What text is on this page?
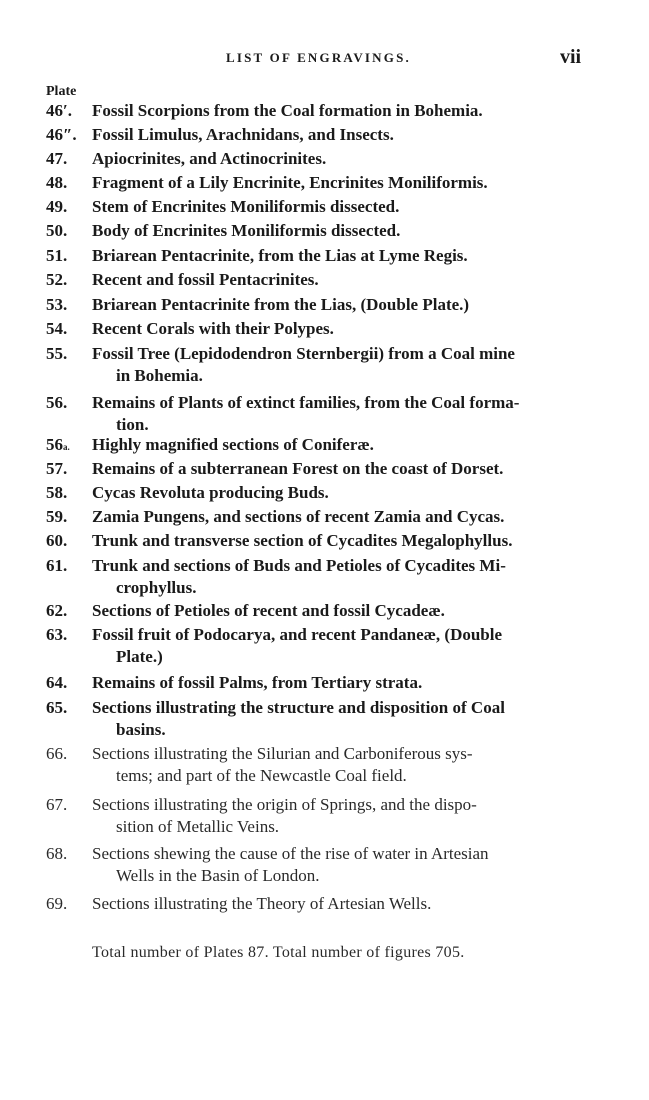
LIST OF ENGRAVINGS.	vii
Plate
46′. Fossil Scorpions from the Coal formation in Bohemia.
46″. Fossil Limulus, Arachnidans, and Insects.
47. Apiocrinites, and Actinocrinites.
48. Fragment of a Lily Encrinite, Encrinites Moniliformis.
49. Stem of Encrinites Moniliformis dissected.
50. Body of Encrinites Moniliformis dissected.
51. Briarean Pentacrinite, from the Lias at Lyme Regis.
52. Recent and fossil Pentacrinites.
53. Briarean Pentacrinite from the Lias, (Double Plate.)
54. Recent Corals with their Polypes.
55. Fossil Tree (Lepidodendron Sternbergii) from a Coal mine
in Bohemia.
56. Remains of Plants of extinct families, from the Coal forma-
tion.
$56^{a.}$ Highly magnified sections of Coniferæ.
57. Remains of a subterranean Forest on the coast of Dorset.
58. Cycas Revoluta producing Buds.
59. Zamia Pungens, and sections of recent Zamia and Cycas.
60. Trunk and transverse section of Cycadites Megalophyllus.
61. Trunk and sections of Buds and Petioles of Cycadites Mi-
crophyllus.
62. Sections of Petioles of recent and fossil Cycadeæ.
63. Fossil fruit of Podocarya, and recent Pandaneæ, (Double
Plate.)
64. Remains of fossil Palms, from Tertiary strata.
65. Sections illustrating the structure and disposition of Coal
basins.
66. Sections illustrating the Silurian and Carboniferous sys-
tems; and part of the Newcastle Coal field.
67. Sections illustrating the origin of Springs, and the dispo-
sition of Metallic Veins.
68. Sections shewing the cause of the rise of water in Artesian
Wells in the Basin of London.
69. Sections illustrating the Theory of Artesian Wells.
Total number of Plates 87. Total number of figures 705.
